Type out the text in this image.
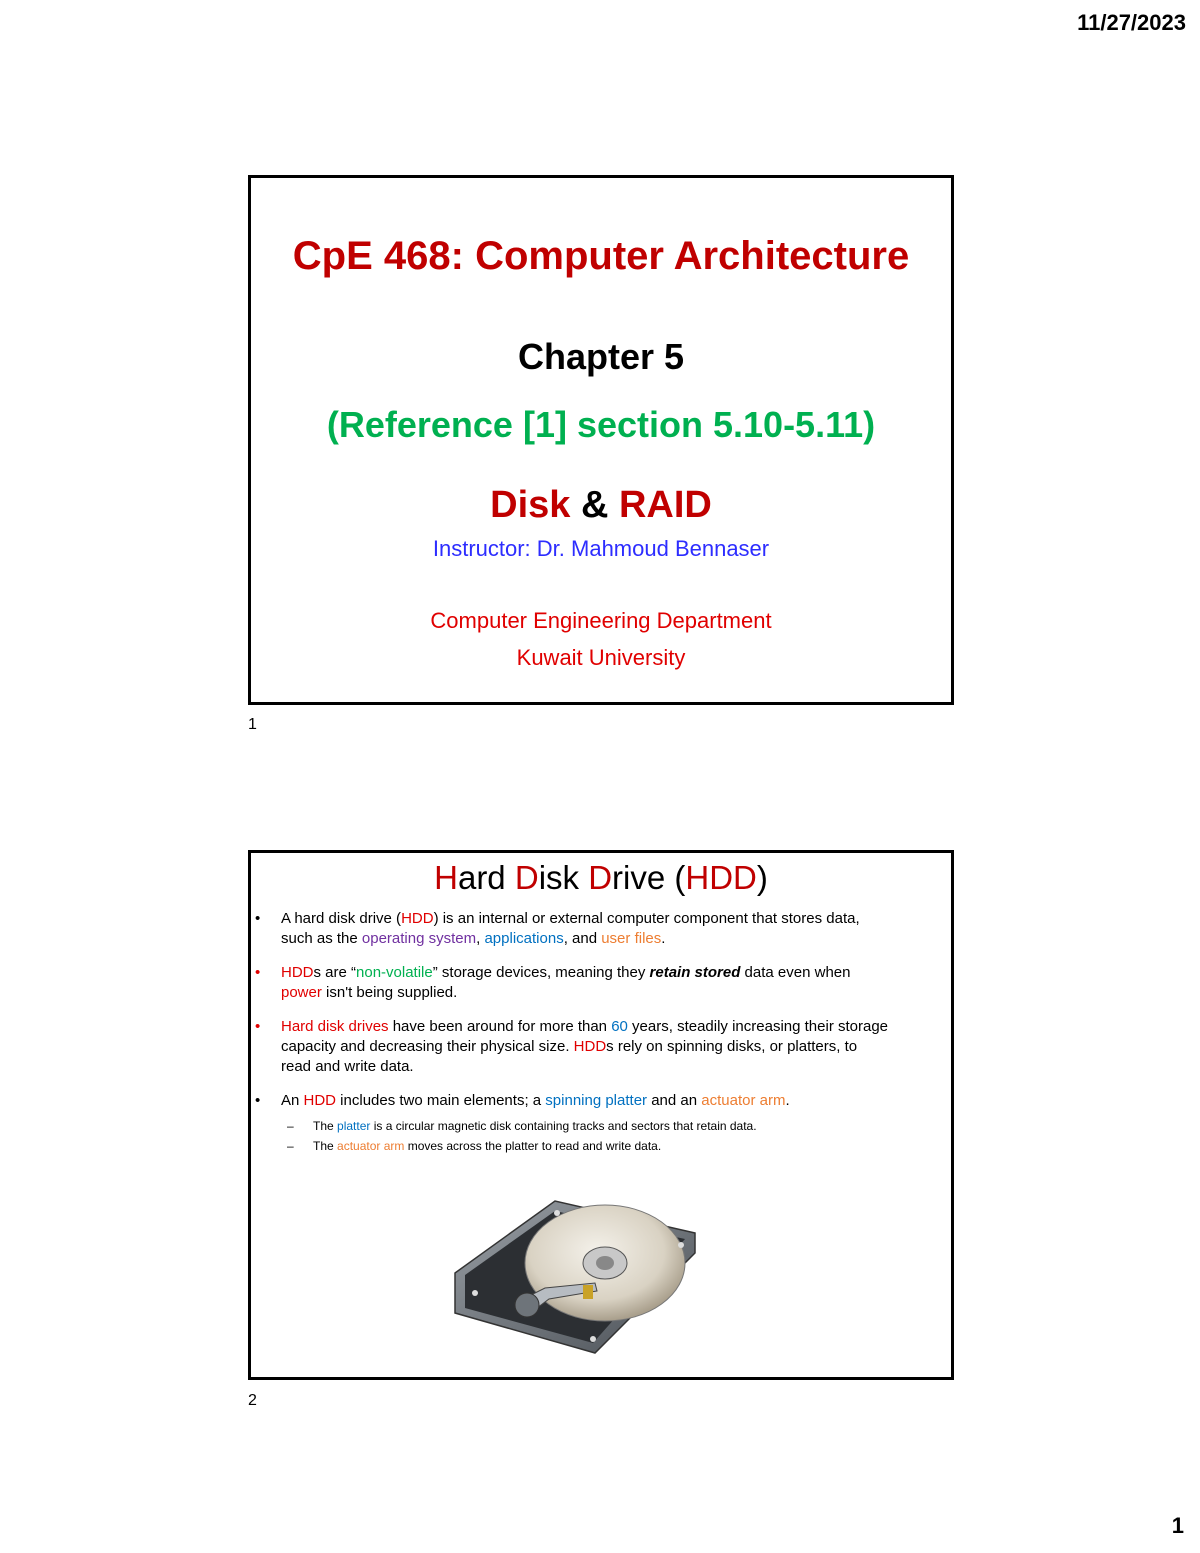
11/27/2023
CpE 468: Computer Architecture
Chapter 5
(Reference [1] section 5.10-5.11)
Disk & RAID
Instructor: Dr. Mahmoud Bennaser
Computer Engineering Department
Kuwait University
1
Hard Disk Drive (HDD)
• A hard disk drive (HDD) is an internal or external computer component that stores data, such as the operating system, applications, and user files.
• HDDs are “non-volatile” storage devices, meaning they retain stored data even when power isn't being supplied.
• Hard disk drives have been around for more than 60 years, steadily increasing their storage capacity and decreasing their physical size. HDDs rely on spinning disks, or platters, to read and write data.
• An HDD includes two main elements; a spinning platter and an actuator arm.
– The platter is a circular magnetic disk containing tracks and sectors that retain data.
– The actuator arm moves across the platter to read and write data.
2
1
